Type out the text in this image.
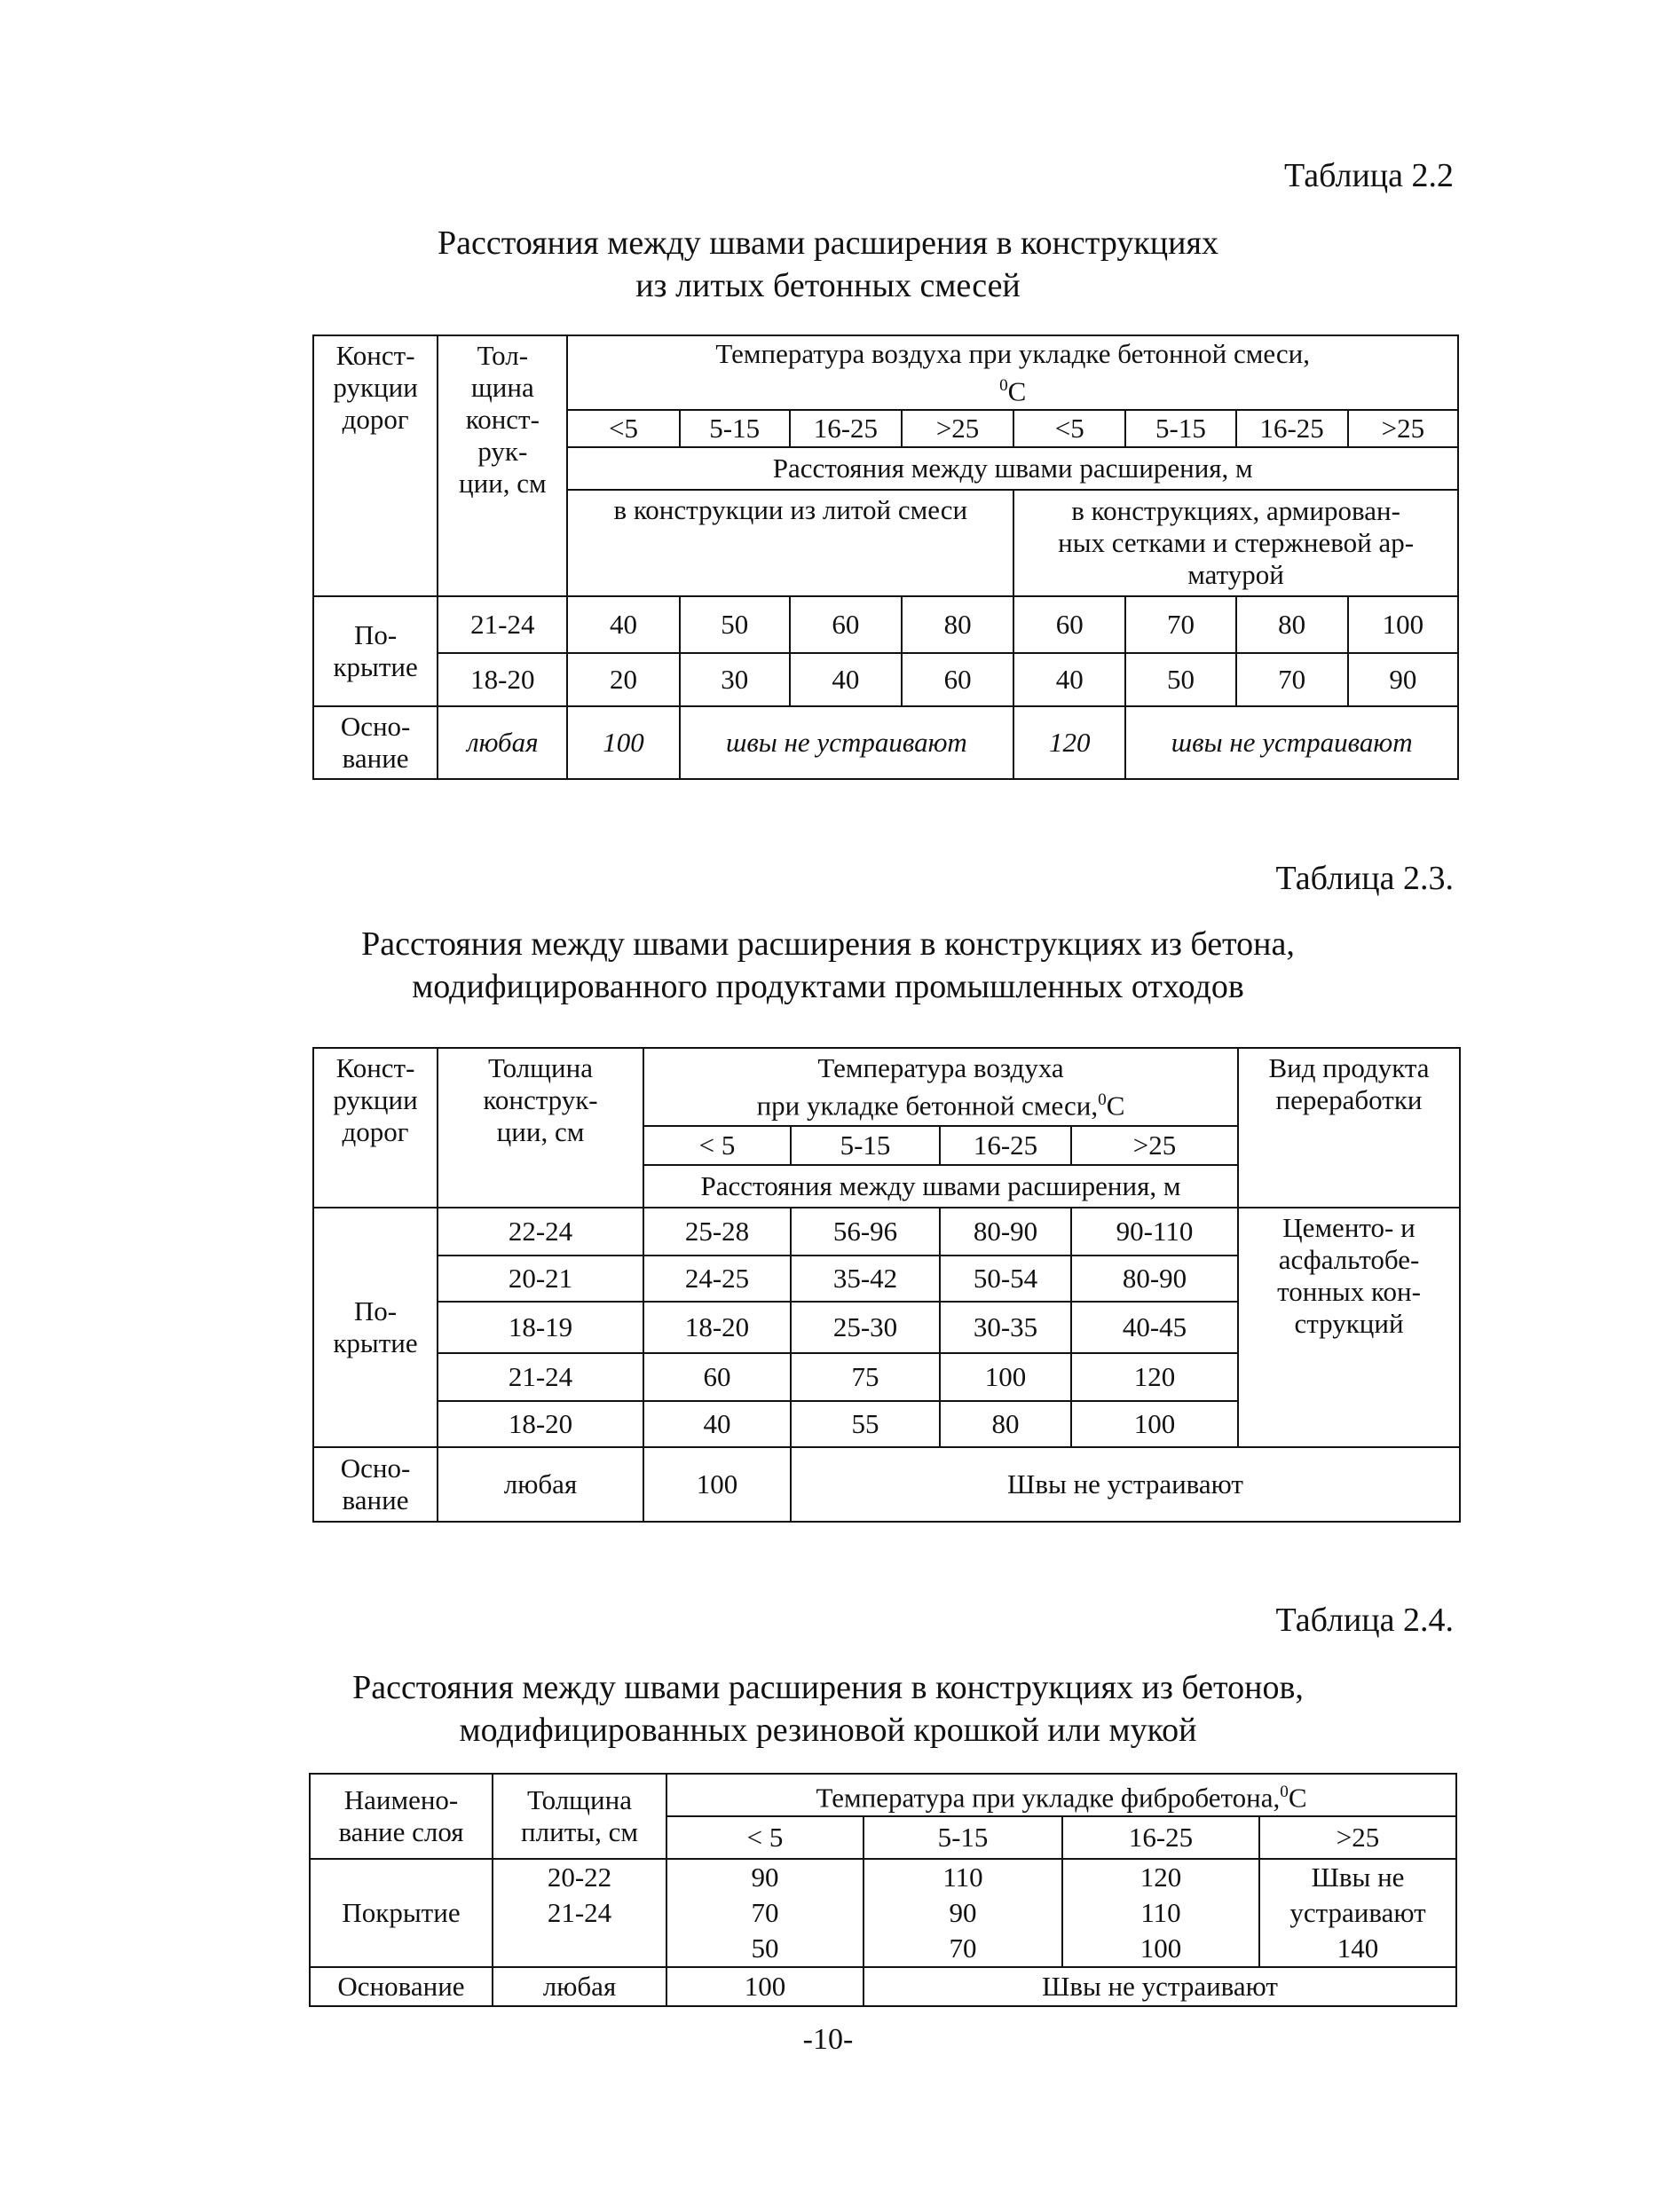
Таблица 2.2
Расстояния между швами расширения в конструкциях
из литых бетонных смесей
Конст-
рукции
дорог	Тол-
щина
конст-
рук-
ции, см	Температура воздуха при укладке бетонной смеси,
$^0$С							
		<5	5-15	16-25	>25	<5	5-15	16-25	>25
		Расстояния между швами расширения, м							
		в конструкции из литой смеси				в конструкциях, армирован-
ных сетками и стержневой ар-
матурой			

По-
крытие	21-24	40	50	60	80	60	70	80	100
	18-20	20	30	40	60	40	50	70	90

Осно-
вание	любая	100	швы не устраивают			120	швы не устраивают		
Таблица 2.3.
Расстояния между швами расширения в конструкциях из бетона,
модифицированного продуктами промышленных отходов
Конст-
рукции
дорог	Толщина
конструк-
ции, см	Температура воздуха
при укладке бетонной смеси,$^0$С				Вид продукта
переработки

		< 5	5-15	16-25	>25	
		Расстояния между швами расширения, м				

По-
крытие	22-24	25-28	56-96	80-90	90-110	Цементо- и
асфальтобе-
тонных кон-
струкций

	20-21	24-25	35-42	50-54	80-90	
	18-19	18-20	25-30	30-35	40-45	
	21-24	60	75	100	120	
	18-20	40	55	80	100	

Осно-
вание	любая	100	Швы не устраивают			
Таблица 2.4.
Расстояния между швами расширения в конструкциях из бетонов,
модифицированных резиновой крошкой или мукой
Наимено-
вание слоя	Толщина
плиты, см	Температура при укладке фибробетона,$^0$С			
		< 5	5-15	16-25	>25
Покрытие	20-22	90	110	120	Швы не
	21-24	70	90	110	устраивают
		50	70	100	140
Основание	любая	100	Швы не устраивают		
-10-
